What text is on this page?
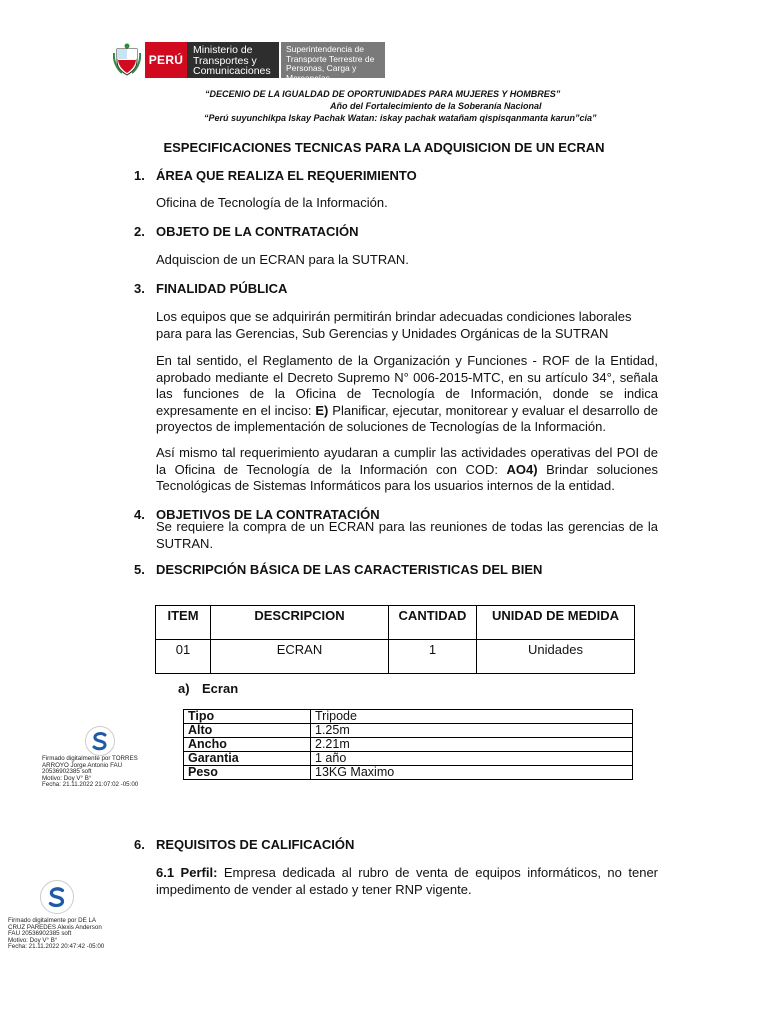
PERÚ
Ministerio de Transportes y Comunicaciones
Superintendencia de Transporte Terrestre de Personas, Carga y Mercancías
“DECENIO DE LA IGUALDAD DE OPORTUNIDADES PARA MUJERES Y HOMBRES”
Año del Fortalecimiento de la Soberanía Nacional
“Perú suyunchikpa Iskay Pachak Watan: iskay pachak watañam qispisqanmanta karun”cia”
ESPECIFICACIONES TECNICAS PARA LA ADQUISICION DE UN ECRAN
1. ÁREA QUE REALIZA EL REQUERIMIENTO
Oficina de Tecnología de la Información.
2. OBJETO DE LA CONTRATACIÓN
Adquiscion de un ECRAN para la SUTRAN.
3. FINALIDAD PÚBLICA
Los equipos que se adquirirán permitirán brindar adecuadas condiciones laborales para para las Gerencias, Sub Gerencias y Unidades Orgánicas de la SUTRAN
En tal sentido, el Reglamento de la Organización y Funciones - ROF de la Entidad, aprobado mediante el Decreto Supremo N° 006-2015-MTC, en su artículo 34°, señala las funciones de la Oficina de Tecnología de Información, donde se indica expresamente en el inciso: E) Planificar, ejecutar, monitorear y evaluar el desarrollo de proyectos de implementación de soluciones de Tecnologías de la Información.
Así mismo tal requerimiento ayudaran a cumplir las actividades operativas del POI de la Oficina de Tecnología de la Información con COD: AO4) Brindar soluciones Tecnológicas de Sistemas Informáticos para los usuarios internos de la entidad.
4. OBJETIVOS DE LA CONTRATACIÓN
Se requiere la compra de un ECRAN para las reuniones de todas las gerencias de la SUTRAN.
5. DESCRIPCIÓN BÁSICA DE LAS CARACTERISTICAS DEL BIEN
ITEM	DESCRIPCION	CANTIDAD	UNIDAD DE MEDIDA
01	ECRAN	1	Unidades
a) Ecran
Tipo	Tripode
Alto	1.25m
Ancho	2.21m
Garantia	1 año
Peso	13KG Maximo
Firmado digitalmente por TORRES
ARROYO Jorge Antonio FAU
20536902385 soft
Motivo: Doy V° B°
Fecha: 21.11.2022 21:07:02 -05:00
6. REQUISITOS DE CALIFICACIÓN
6.1 Perfil: Empresa dedicada al rubro de venta de equipos informáticos, no tener impedimento de vender al estado y tener RNP vigente.
Firmado digitalmente por DE LA
CRUZ PAREDES Alexis Anderson
FAU 20536902385 soft
Motivo: Doy V° B°
Fecha: 21.11.2022 20:47:42 -05:00
